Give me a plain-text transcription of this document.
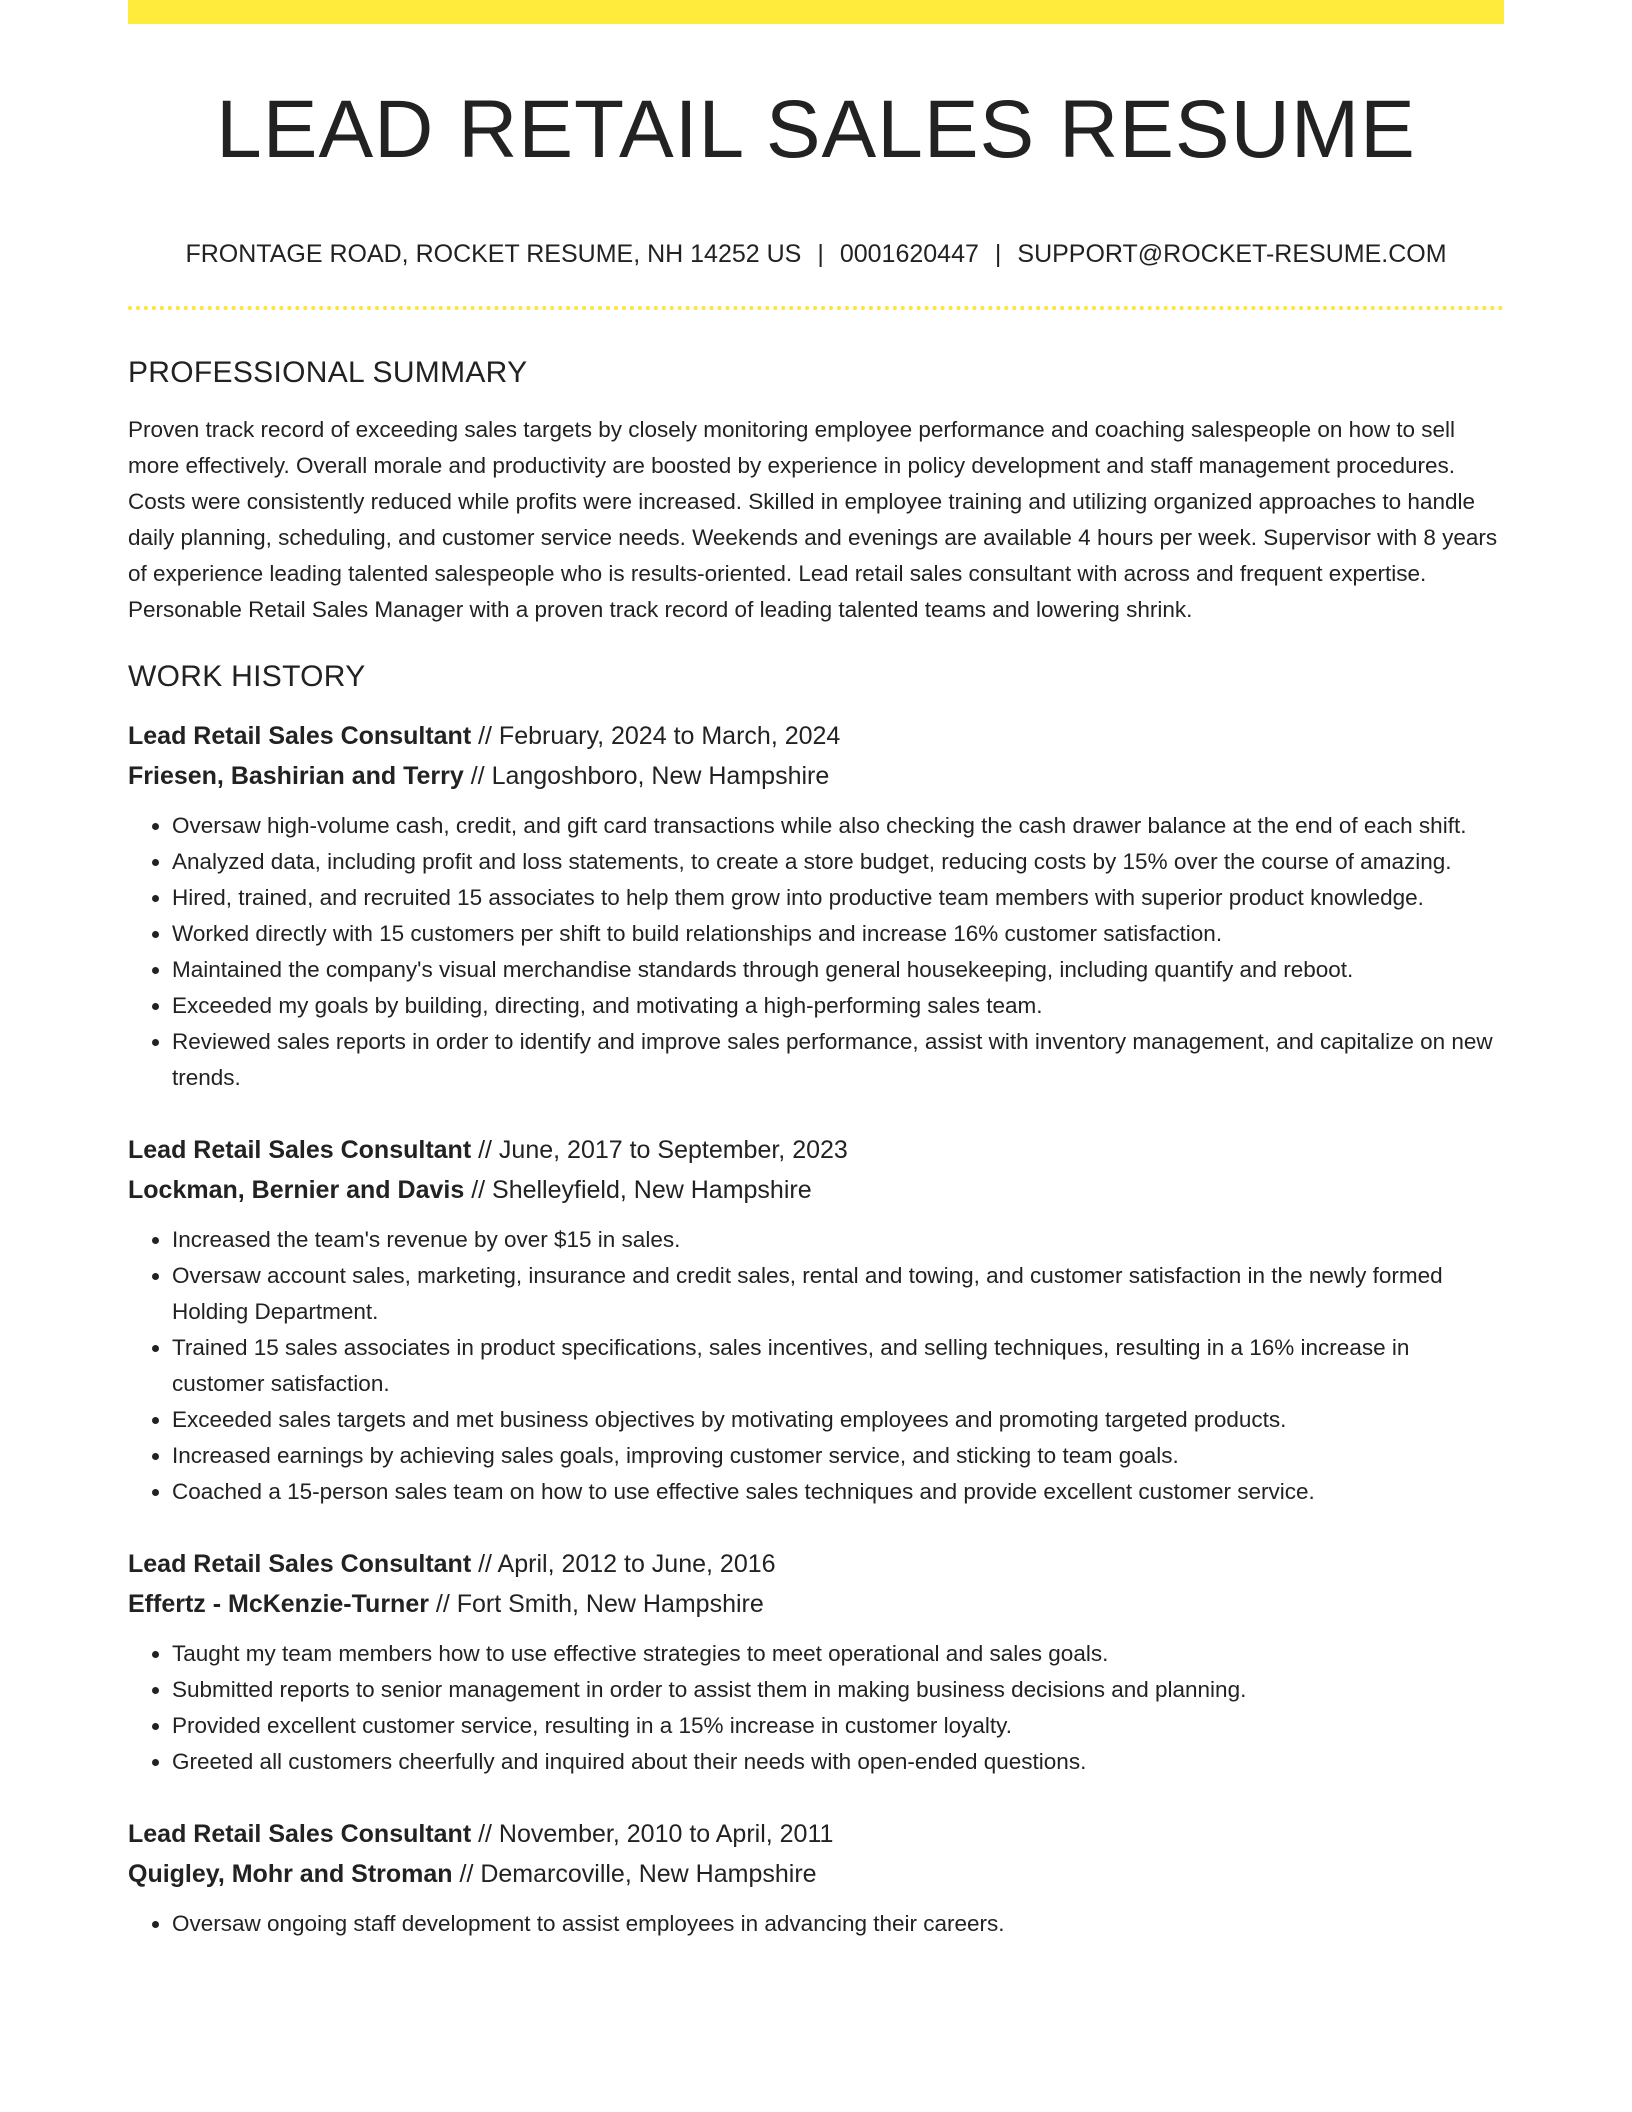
LEAD RETAIL SALES RESUME
FRONTAGE ROAD, ROCKET RESUME, NH 14252 US | 0001620447 | SUPPORT@ROCKET-RESUME.COM
PROFESSIONAL SUMMARY

Proven track record of exceeding sales targets by closely monitoring employee performance and coaching salespeople on how to sell more effectively. Overall morale and productivity are boosted by experience in policy development and staff management procedures. Costs were consistently reduced while profits were increased. Skilled in employee training and utilizing organized approaches to handle daily planning, scheduling, and customer service needs. Weekends and evenings are available 4 hours per week. Supervisor with 8 years of experience leading talented salespeople who is results-oriented. Lead retail sales consultant with across and frequent expertise. Personable Retail Sales Manager with a proven track record of leading talented teams and lowering shrink.

WORK HISTORY
Lead Retail Sales Consultant // February, 2024 to March, 2024
Friesen, Bashirian and Terry // Langoshboro, New Hampshire
• Oversaw high-volume cash, credit, and gift card transactions while also checking the cash drawer balance at the end of each shift.
• Analyzed data, including profit and loss statements, to create a store budget, reducing costs by 15% over the course of amazing.
• Hired, trained, and recruited 15 associates to help them grow into productive team members with superior product knowledge.
• Worked directly with 15 customers per shift to build relationships and increase 16% customer satisfaction.
• Maintained the company's visual merchandise standards through general housekeeping, including quantify and reboot.
• Exceeded my goals by building, directing, and motivating a high-performing sales team.
• Reviewed sales reports in order to identify and improve sales performance, assist with inventory management, and capitalize on new trends.
Lead Retail Sales Consultant // June, 2017 to September, 2023
Lockman, Bernier and Davis // Shelleyfield, New Hampshire
• Increased the team's revenue by over $15 in sales.
• Oversaw account sales, marketing, insurance and credit sales, rental and towing, and customer satisfaction in the newly formed Holding Department.
• Trained 15 sales associates in product specifications, sales incentives, and selling techniques, resulting in a 16% increase in customer satisfaction.
• Exceeded sales targets and met business objectives by motivating employees and promoting targeted products.
• Increased earnings by achieving sales goals, improving customer service, and sticking to team goals.
• Coached a 15-person sales team on how to use effective sales techniques and provide excellent customer service.
Lead Retail Sales Consultant // April, 2012 to June, 2016
Effertz - McKenzie-Turner // Fort Smith, New Hampshire
• Taught my team members how to use effective strategies to meet operational and sales goals.
• Submitted reports to senior management in order to assist them in making business decisions and planning.
• Provided excellent customer service, resulting in a 15% increase in customer loyalty.
• Greeted all customers cheerfully and inquired about their needs with open-ended questions.
Lead Retail Sales Consultant // November, 2010 to April, 2011
Quigley, Mohr and Stroman // Demarcoville, New Hampshire
• Oversaw ongoing staff development to assist employees in advancing their careers.
